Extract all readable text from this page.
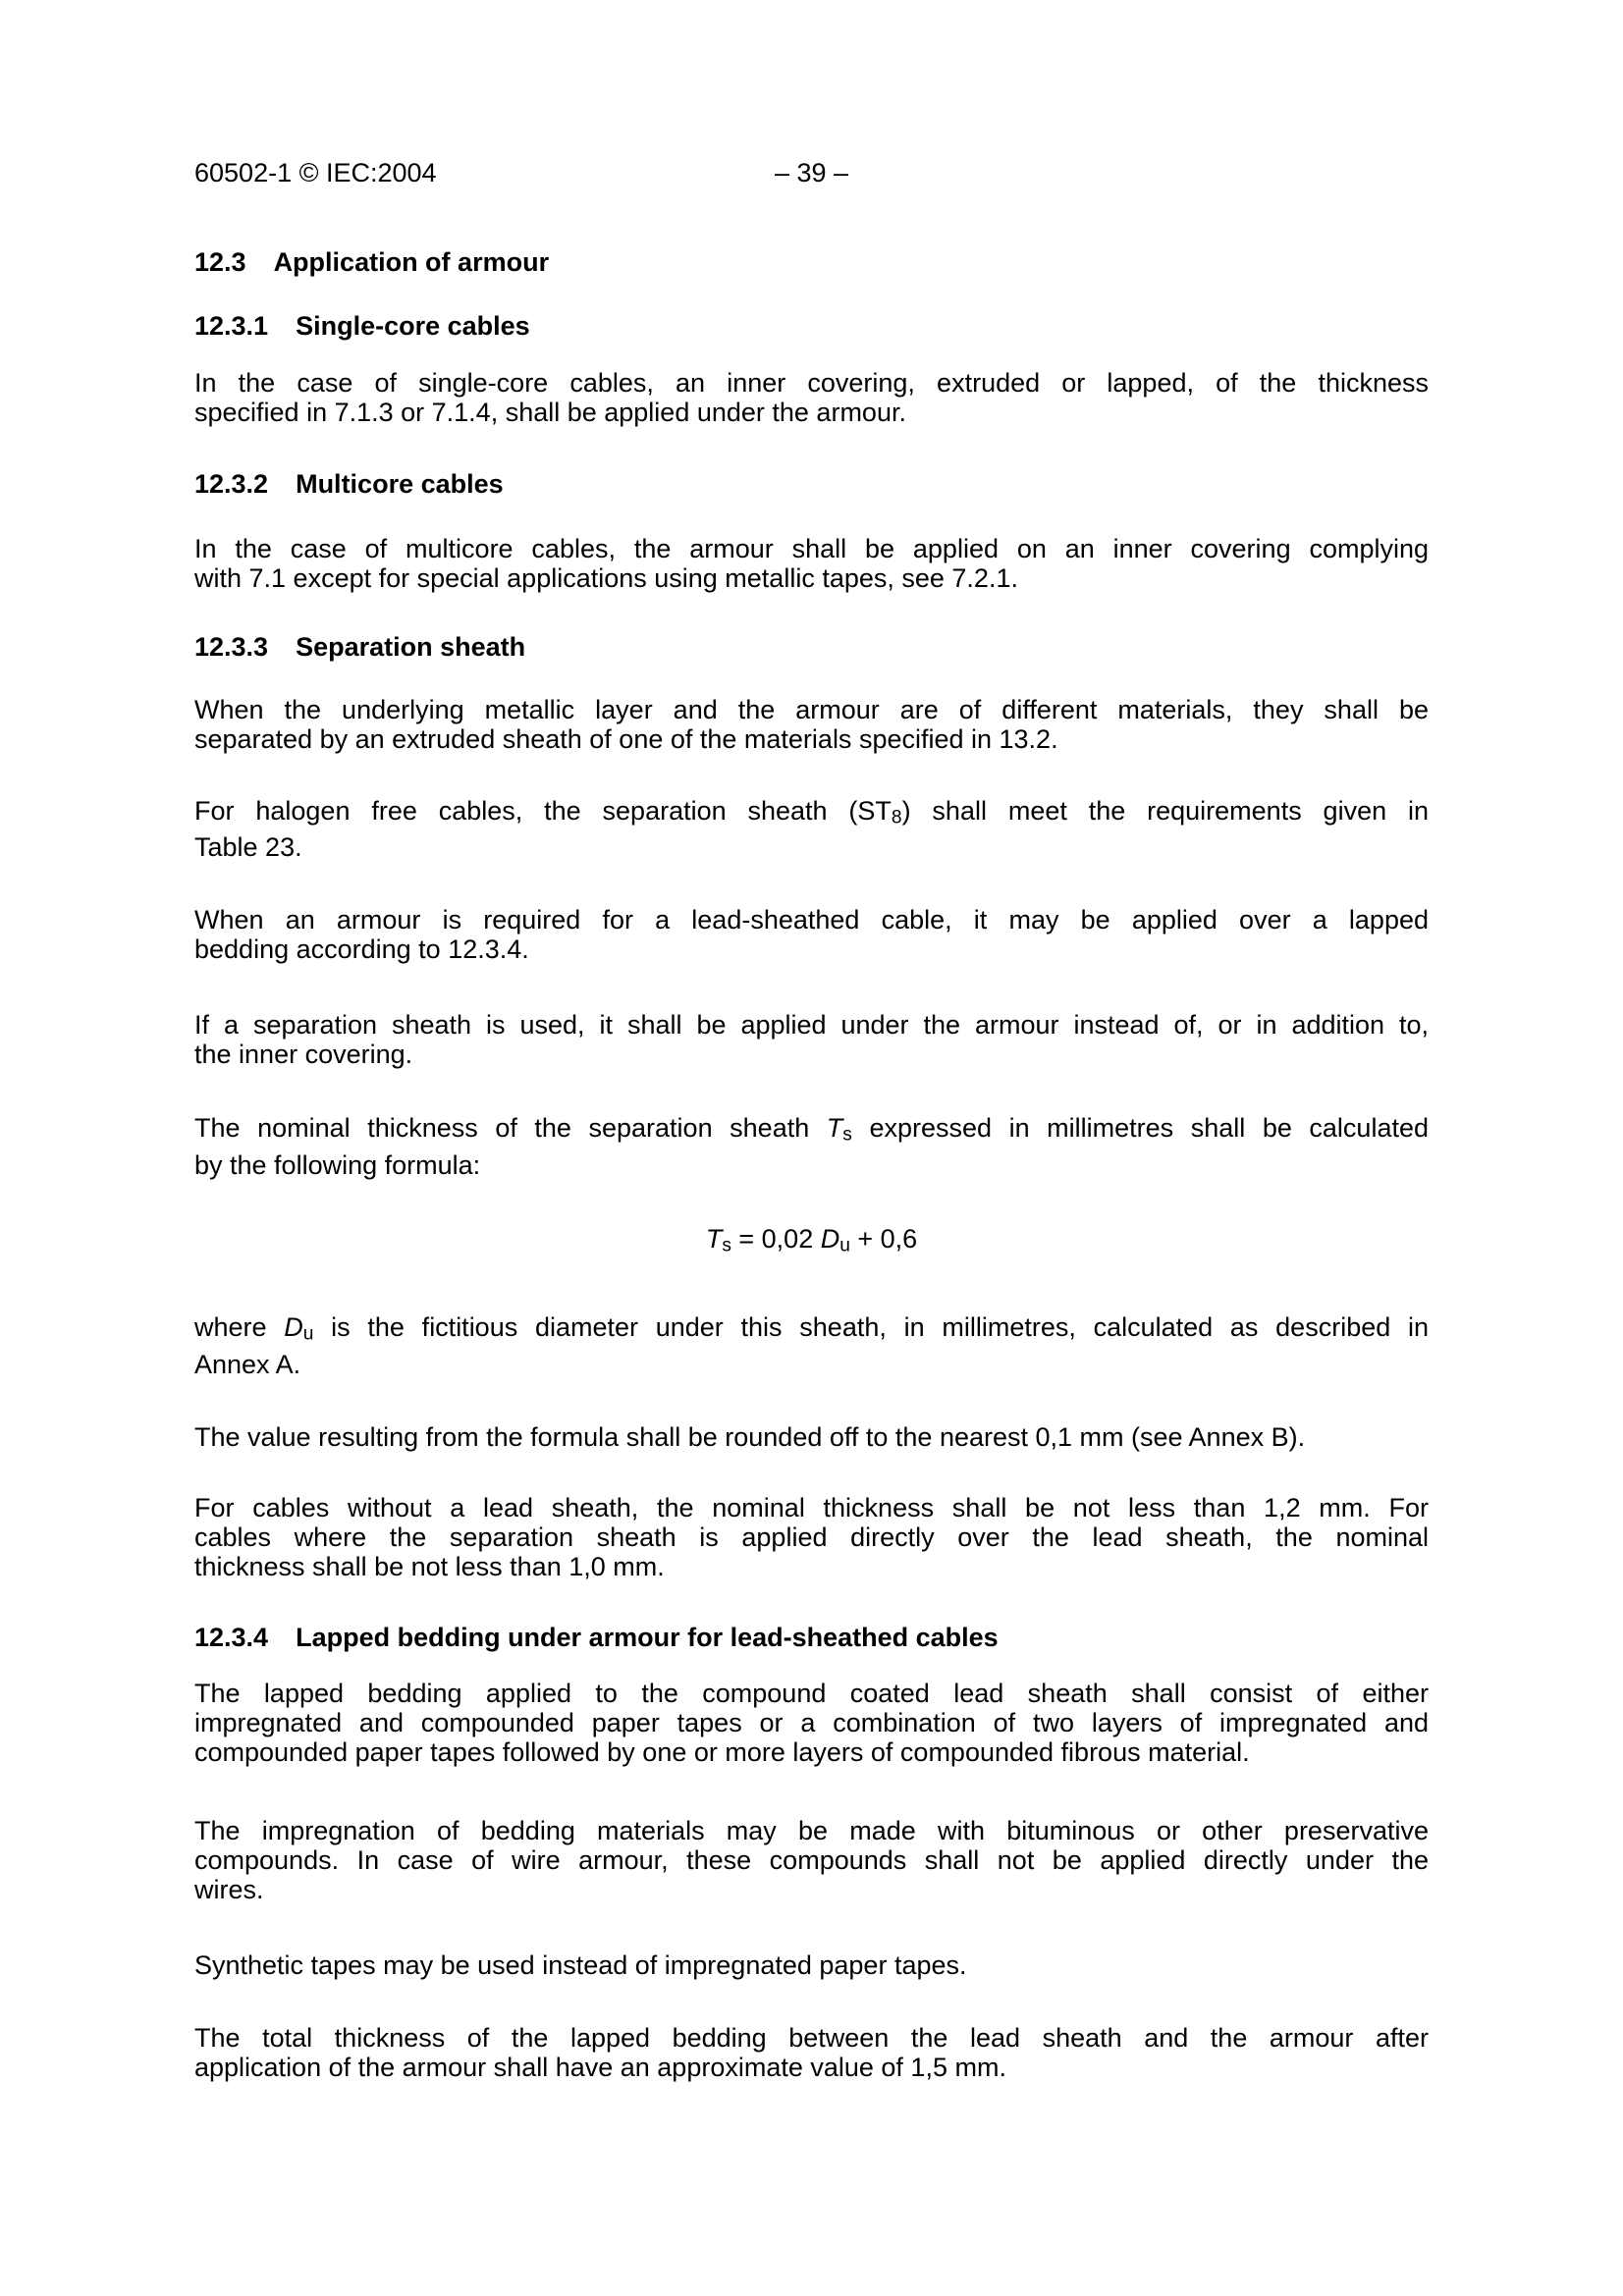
60502-1 © IEC:2004	– 39 –
12.3 Application of armour
12.3.1 Single-core cables
In the case of single-core cables, an inner covering, extruded or lapped, of the thickness
specified in 7.1.3 or 7.1.4, shall be applied under the armour.
12.3.2 Multicore cables
In the case of multicore cables, the armour shall be applied on an inner covering complying
with 7.1 except for special applications using metallic tapes, see 7.2.1.
12.3.3 Separation sheath
When the underlying metallic layer and the armour are of different materials, they shall be
separated by an extruded sheath of one of the materials specified in 13.2.
For halogen free cables, the separation sheath (ST8) shall meet the requirements given in
Table 23.
When an armour is required for a lead-sheathed cable, it may be applied over a lapped
bedding according to 12.3.4.
If a separation sheath is used, it shall be applied under the armour instead of, or in addition to,
the inner covering.
The nominal thickness of the separation sheath Ts expressed in millimetres shall be calculated
by the following formula:
Ts = 0,02 Du + 0,6
where Du is the fictitious diameter under this sheath, in millimetres, calculated as described in
Annex A.
The value resulting from the formula shall be rounded off to the nearest 0,1 mm (see Annex B).
For cables without a lead sheath, the nominal thickness shall be not less than 1,2 mm. For
cables where the separation sheath is applied directly over the lead sheath, the nominal
thickness shall be not less than 1,0 mm.
12.3.4 Lapped bedding under armour for lead-sheathed cables
The lapped bedding applied to the compound coated lead sheath shall consist of either
impregnated and compounded paper tapes or a combination of two layers of impregnated and
compounded paper tapes followed by one or more layers of compounded fibrous material.
The impregnation of bedding materials may be made with bituminous or other preservative
compounds. In case of wire armour, these compounds shall not be applied directly under the
wires.
Synthetic tapes may be used instead of impregnated paper tapes.
The total thickness of the lapped bedding between the lead sheath and the armour after
application of the armour shall have an approximate value of 1,5 mm.
